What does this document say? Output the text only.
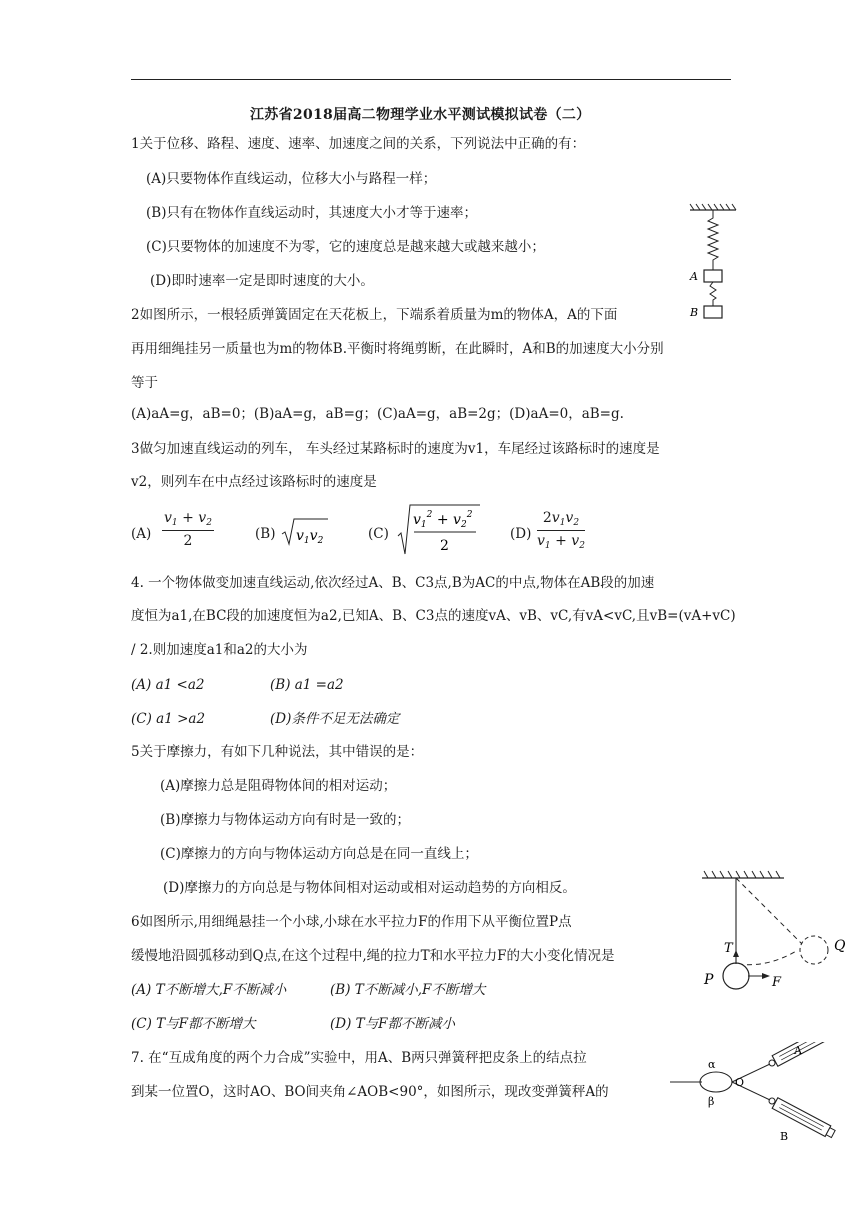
江苏省2018届高二物理学业水平测试模拟试卷（二）
1关于位移、路程、速度、速率、加速度之间的关系，下列说法中正确的有：
(A)只要物体作直线运动，位移大小与路程一样；
(B)只有在物体作直线运动时，其速度大小才等于速率；
(C)只要物体的加速度不为零，它的速度总是越来越大或越来越小；
(D)即时速率一定是即时速度的大小。	A
B
2如图所示，一根轻质弹簧固定在天花板上，下端系着质量为m的物体A，A的下面
再用细绳挂另一质量也为m的物体B.平衡时将绳剪断，在此瞬时，A和B的加速度大小分别
等于
(A)aA=g，aB=0；(B)aA=g，aB=g；(C)aA=g，aB=2g；(D)aA=0，aB=g.
3做匀加速直线运动的列车， 车头经过某路标时的速度为v1，车尾经过该路标时的速度是
v2，则列车在中点经过该路标时的速度是
$(A) \frac{v_1 + v_2}{2}$	(B) $v_1v_2$	(C)
$v_1^2 + v_2^2$
2
$(D) \frac{2v_1v_2}{v_1 + v_2}$
4. 一个物体做变加速直线运动,依次经过A、B、C3点,B为AC的中点,物体在AB段的加速
度恒为a1,在BC段的加速度恒为a2,已知A、B、C3点的速度vA、vB、vC,有vA<vC,且vB=(vA+vC)
/ 2.则加速度a1和a2的大小为
(A) a1 <a2	(B) a1 =a2
(C) a1 >a2	(D)条件不足无法确定
5关于摩擦力，有如下几种说法，其中错误的是：
(A)摩擦力总是阻碍物体间的相对运动；
(B)摩擦力与物体运动方向有时是一致的；
(C)摩擦力的方向与物体运动方向总是在同一直线上；
(D)摩擦力的方向总是与物体间相对运动或相对运动趋势的方向相反。
T
P	F
Q
6如图所示,用细绳悬挂一个小球,小球在水平拉力F的作用下从平衡位置P点
缓慢地沿圆弧移动到Q点,在这个过程中,绳的拉力T和水平拉力F的大小变化情况是
(A) T不断增大,F不断减小	(B) T不断减小,F不断增大
(C) T与F都不断增大	(D) T与F都不断减小
7. 在“互成角度的两个力合成”实验中，用A、B两只弹簧秤把皮条上的结点拉
到某一位置O，这时AO、BO间夹角∠AOB<90°，如图所示，现改变弹簧秤A的
α
β
O
A
B
